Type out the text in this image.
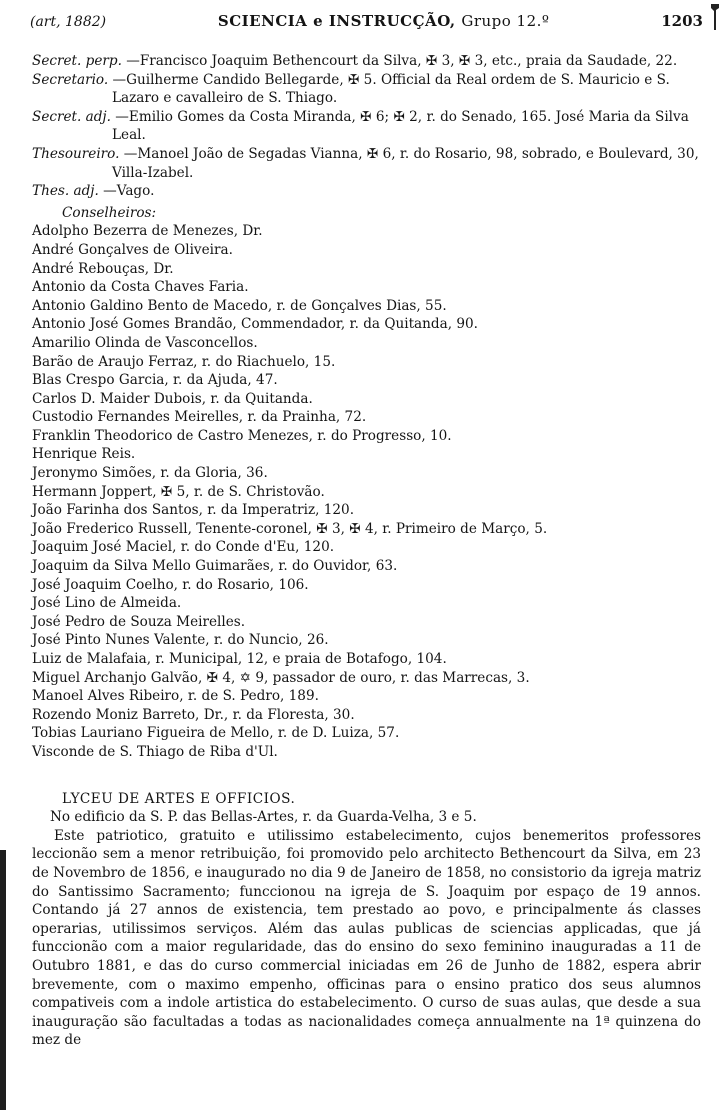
(art, 1882)	SCIENCIA e INSTRUCÇÃO, Grupo 12.º	1203
Secret. perp. —Francisco Joaquim Bethencourt da Silva, ✠ 3, ✠ 3, etc., praia da Saudade, 22.
Secretario. —Guilherme Candido Bellegarde, ✠ 5. Official da Real ordem de S. Mauricio e S. Lazaro e cavalleiro de S. Thiago.
Secret. adj. —Emilio Gomes da Costa Miranda, ✠ 6; ✠ 2, r. do Senado, 165. José Maria da Silva Leal.
Thesoureiro. —Manoel João de Segadas Vianna, ✠ 6, r. do Rosario, 98, sobrado, e Boulevard, 30, Villa-Izabel.
Thes. adj. —Vago.
Conselheiros:
Adolpho Bezerra de Menezes, Dr.
André Gonçalves de Oliveira.
André Rebouças, Dr.
Antonio da Costa Chaves Faria.
Antonio Galdino Bento de Macedo, r. de Gonçalves Dias, 55.
Antonio José Gomes Brandão, Commendador, r. da Quitanda, 90.
Amarilio Olinda de Vasconcellos.
Barão de Araujo Ferraz, r. do Riachuelo, 15.
Blas Crespo Garcia, r. da Ajuda, 47.
Carlos D. Maider Dubois, r. da Quitanda.
Custodio Fernandes Meirelles, r. da Prainha, 72.
Franklin Theodorico de Castro Menezes, r. do Progresso, 10.
Henrique Reis.
Jeronymo Simões, r. da Gloria, 36.
Hermann Joppert, ✠ 5, r. de S. Christovão.
João Farinha dos Santos, r. da Imperatriz, 120.
João Frederico Russell, Tenente-coronel, ✠ 3, ✠ 4, r. Primeiro de Março, 5.
Joaquim José Maciel, r. do Conde d'Eu, 120.
Joaquim da Silva Mello Guimarães, r. do Ouvidor, 63.
José Joaquim Coelho, r. do Rosario, 106.
José Lino de Almeida.
José Pedro de Souza Meirelles.
José Pinto Nunes Valente, r. do Nuncio, 26.
Luiz de Malafaia, r. Municipal, 12, e praia de Botafogo, 104.
Miguel Archanjo Galvão, ✠ 4, ✡ 9, passador de ouro, r. das Marrecas, 3.
Manoel Alves Ribeiro, r. de S. Pedro, 189.
Rozendo Moniz Barreto, Dr., r. da Floresta, 30.
Tobias Lauriano Figueira de Mello, r. de D. Luiza, 57.
Visconde de S. Thiago de Riba d'Ul.
LYCEU DE ARTES E OFFICIOS.
No edificio da S. P. das Bellas-Artes, r. da Guarda-Velha, 3 e 5.
Este patriotico, gratuito e utilissimo estabelecimento, cujos benemeritos professores leccionão sem a menor retribuição, foi promovido pelo architecto Bethencourt da Silva, em 23 de Novembro de 1856, e inaugurado no dia 9 de Janeiro de 1858, no consistorio da igreja matriz do Santissimo Sacramento; funccionou na igreja de S. Joaquim por espaço de 19 annos. Contando já 27 annos de existencia, tem prestado ao povo, e principalmente ás classes operarias, utilissimos serviços. Além das aulas publicas de sciencias applicadas, que já funccionão com a maior regularidade, das do ensino do sexo feminino inauguradas a 11 de Outubro 1881, e das do curso commercial iniciadas em 26 de Junho de 1882, espera abrir brevemente, com o maximo empenho, officinas para o ensino pratico dos seus alumnos compativeis com a indole artistica do estabelecimento. O curso de suas aulas, que desde a sua inauguração são facultadas a todas as nacionalidades começa annualmente na 1ª quinzena do mez de
